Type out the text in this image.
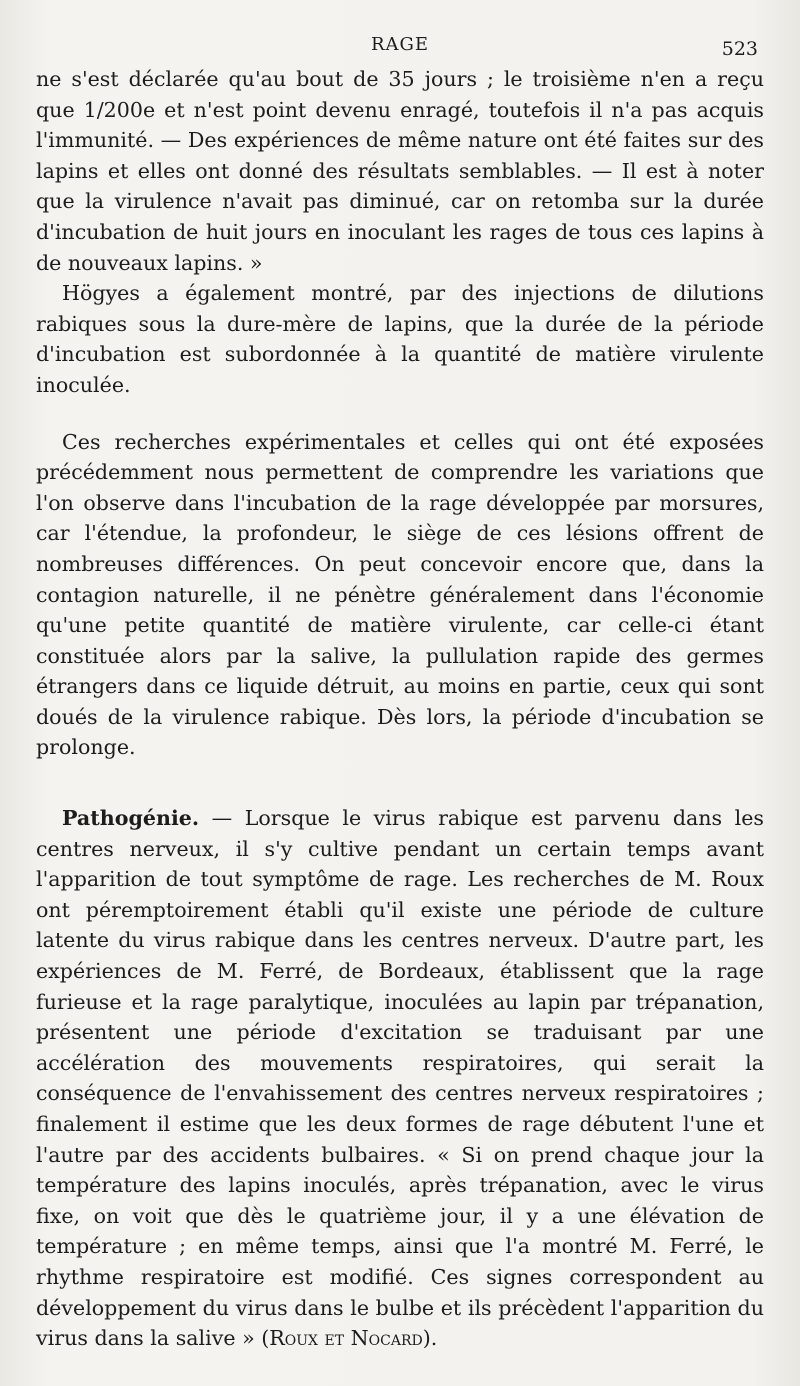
RAGE	523

ne s'est déclarée qu'au bout de 35 jours ; le troisième n'en a reçu que 1/200e et n'est point devenu enragé, toutefois il n'a pas acquis l'immunité. — Des expériences de même nature ont été faites sur des lapins et elles ont donné des résultats semblables. — Il est à noter que la virulence n'avait pas diminué, car on retomba sur la durée d'incubation de huit jours en inoculant les rages de tous ces lapins à de nouveaux lapins. »

Högyes a également montré, par des injections de dilutions rabiques sous la dure-mère de lapins, que la durée de la période d'incubation est subordonnée à la quantité de matière virulente inoculée.

Ces recherches expérimentales et celles qui ont été exposées précédemment nous permettent de comprendre les variations que l'on observe dans l'incubation de la rage développée par morsures, car l'étendue, la profondeur, le siège de ces lésions offrent de nombreuses différences. On peut concevoir encore que, dans la contagion naturelle, il ne pénètre généralement dans l'économie qu'une petite quantité de matière virulente, car celle-ci étant constituée alors par la salive, la pullulation rapide des germes étrangers dans ce liquide détruit, au moins en partie, ceux qui sont doués de la virulence rabique. Dès lors, la période d'incubation se prolonge.

Pathogénie. — Lorsque le virus rabique est parvenu dans les centres nerveux, il s'y cultive pendant un certain temps avant l'apparition de tout symptôme de rage. Les recherches de M. Roux ont péremptoirement établi qu'il existe une période de culture latente du virus rabique dans les centres nerveux. D'autre part, les expériences de M. Ferré, de Bordeaux, établissent que la rage furieuse et la rage paralytique, inoculées au lapin par trépanation, présentent une période d'excitation se traduisant par une accélération des mouvements respiratoires, qui serait la conséquence de l'envahissement des centres nerveux respiratoires ; finalement il estime que les deux formes de rage débutent l'une et l'autre par des accidents bulbaires. « Si on prend chaque jour la température des lapins inoculés, après trépanation, avec le virus fixe, on voit que dès le quatrième jour, il y a une élévation de température ; en même temps, ainsi que l'a montré M. Ferré, le rhythme respiratoire est modifié. Ces signes correspondent au développement du virus dans le bulbe et ils précèdent l'apparition du virus dans la salive » (Roux et Nocard).
